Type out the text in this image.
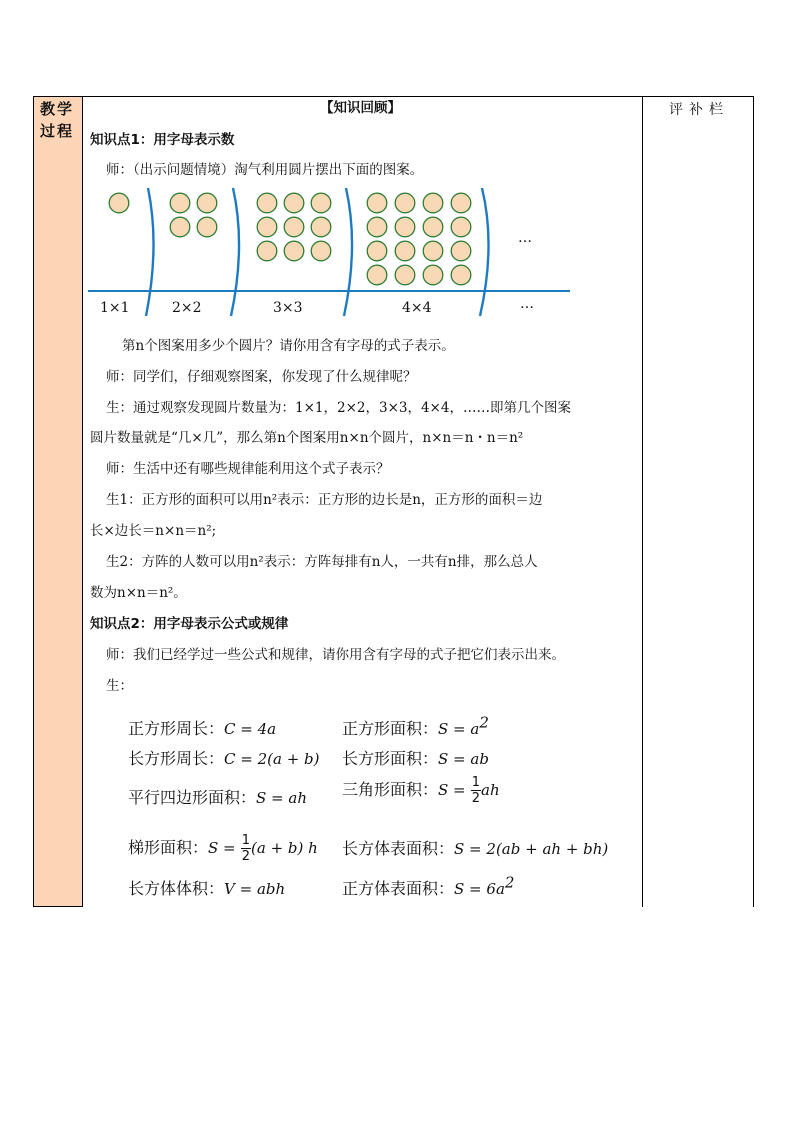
教学
过程
评补栏
【知识回顾】
知识点1：用字母表示数
师：（出示问题情境）淘气利用圆片摆出下面的图案。
…
1×1	2×2	3×3	4×4	…
第n个图案用多少个圆片？请你用含有字母的式子表示。
师：同学们，仔细观察图案，你发现了什么规律呢？
生：通过观察发现圆片数量为：1×1，2×2，3×3，4×4，……即第几个图案
圆片数量就是“几×几”，那么第n个图案用n×n个圆片，n×n＝n・n＝n²
师：生活中还有哪些规律能利用这个式子表示？
生1：正方形的面积可以用n²表示：正方形的边长是n，正方形的面积＝边
长×边长＝n×n＝n²;
生2：方阵的人数可以用n²表示：方阵每排有n人，一共有n排，那么总人
数为n×n＝n²。
知识点2：用字母表示公式或规律
师：我们已经学过一些公式和规律，请你用含有字母的式子把它们表示出来。
生：
正方形周长：C = 4a	正方形面积：$S = a^2$
长方形周长：C = 2(a + b) 长方形面积：S = ab
平行四边形面积：S = ah 三角形面积：$S = \frac{1}{2}$ ah
梯形面积：$S = \frac{1}{2} (a + b)$ h 长方体表面积：S = 2(ab + ah + bh)
长方体体积：V = abh	正方体表面积：$S = 6a^2$
